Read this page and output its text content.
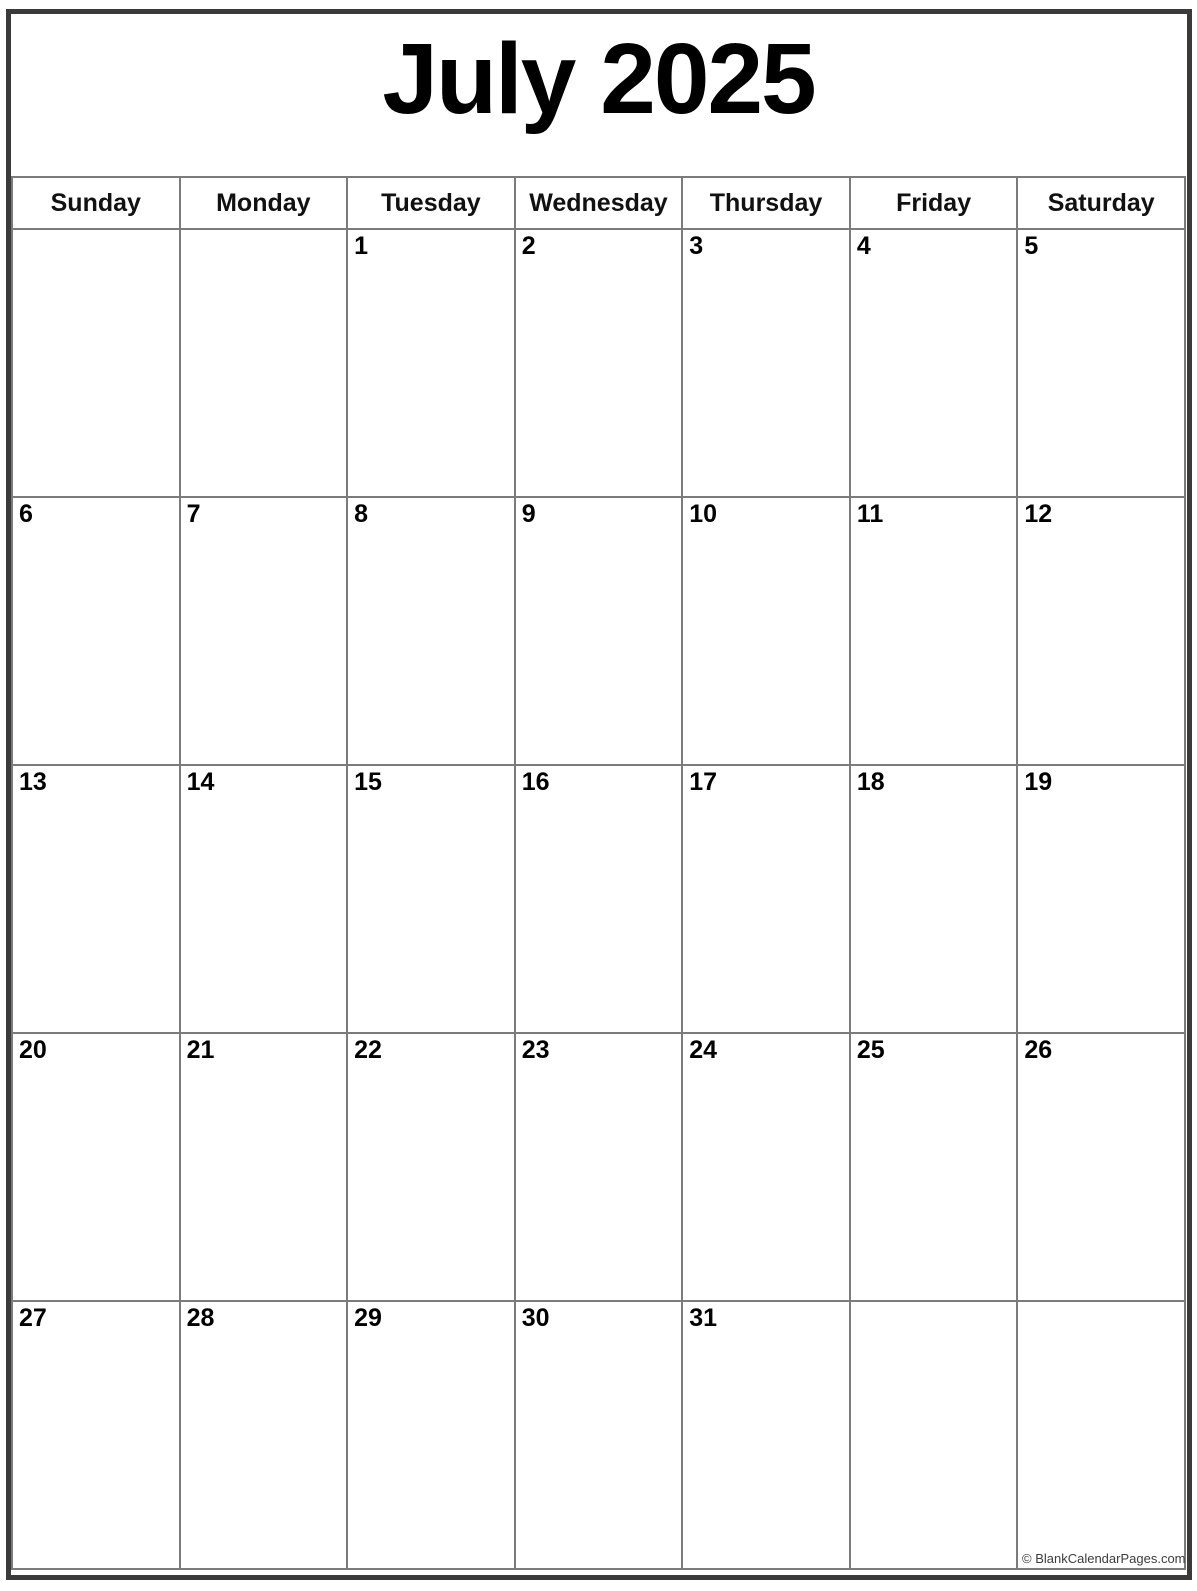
July 2025
Sunday	Monday	Tuesday	Wednesday	Thursday	Friday	Saturday

		1	2	3	4	5

6	7	8	9	10	11	12

13	14	15	16	17	18	19

20	21	22	23	24	25	26

27	28	29	30	31		

© BlankCalendarPages.com
